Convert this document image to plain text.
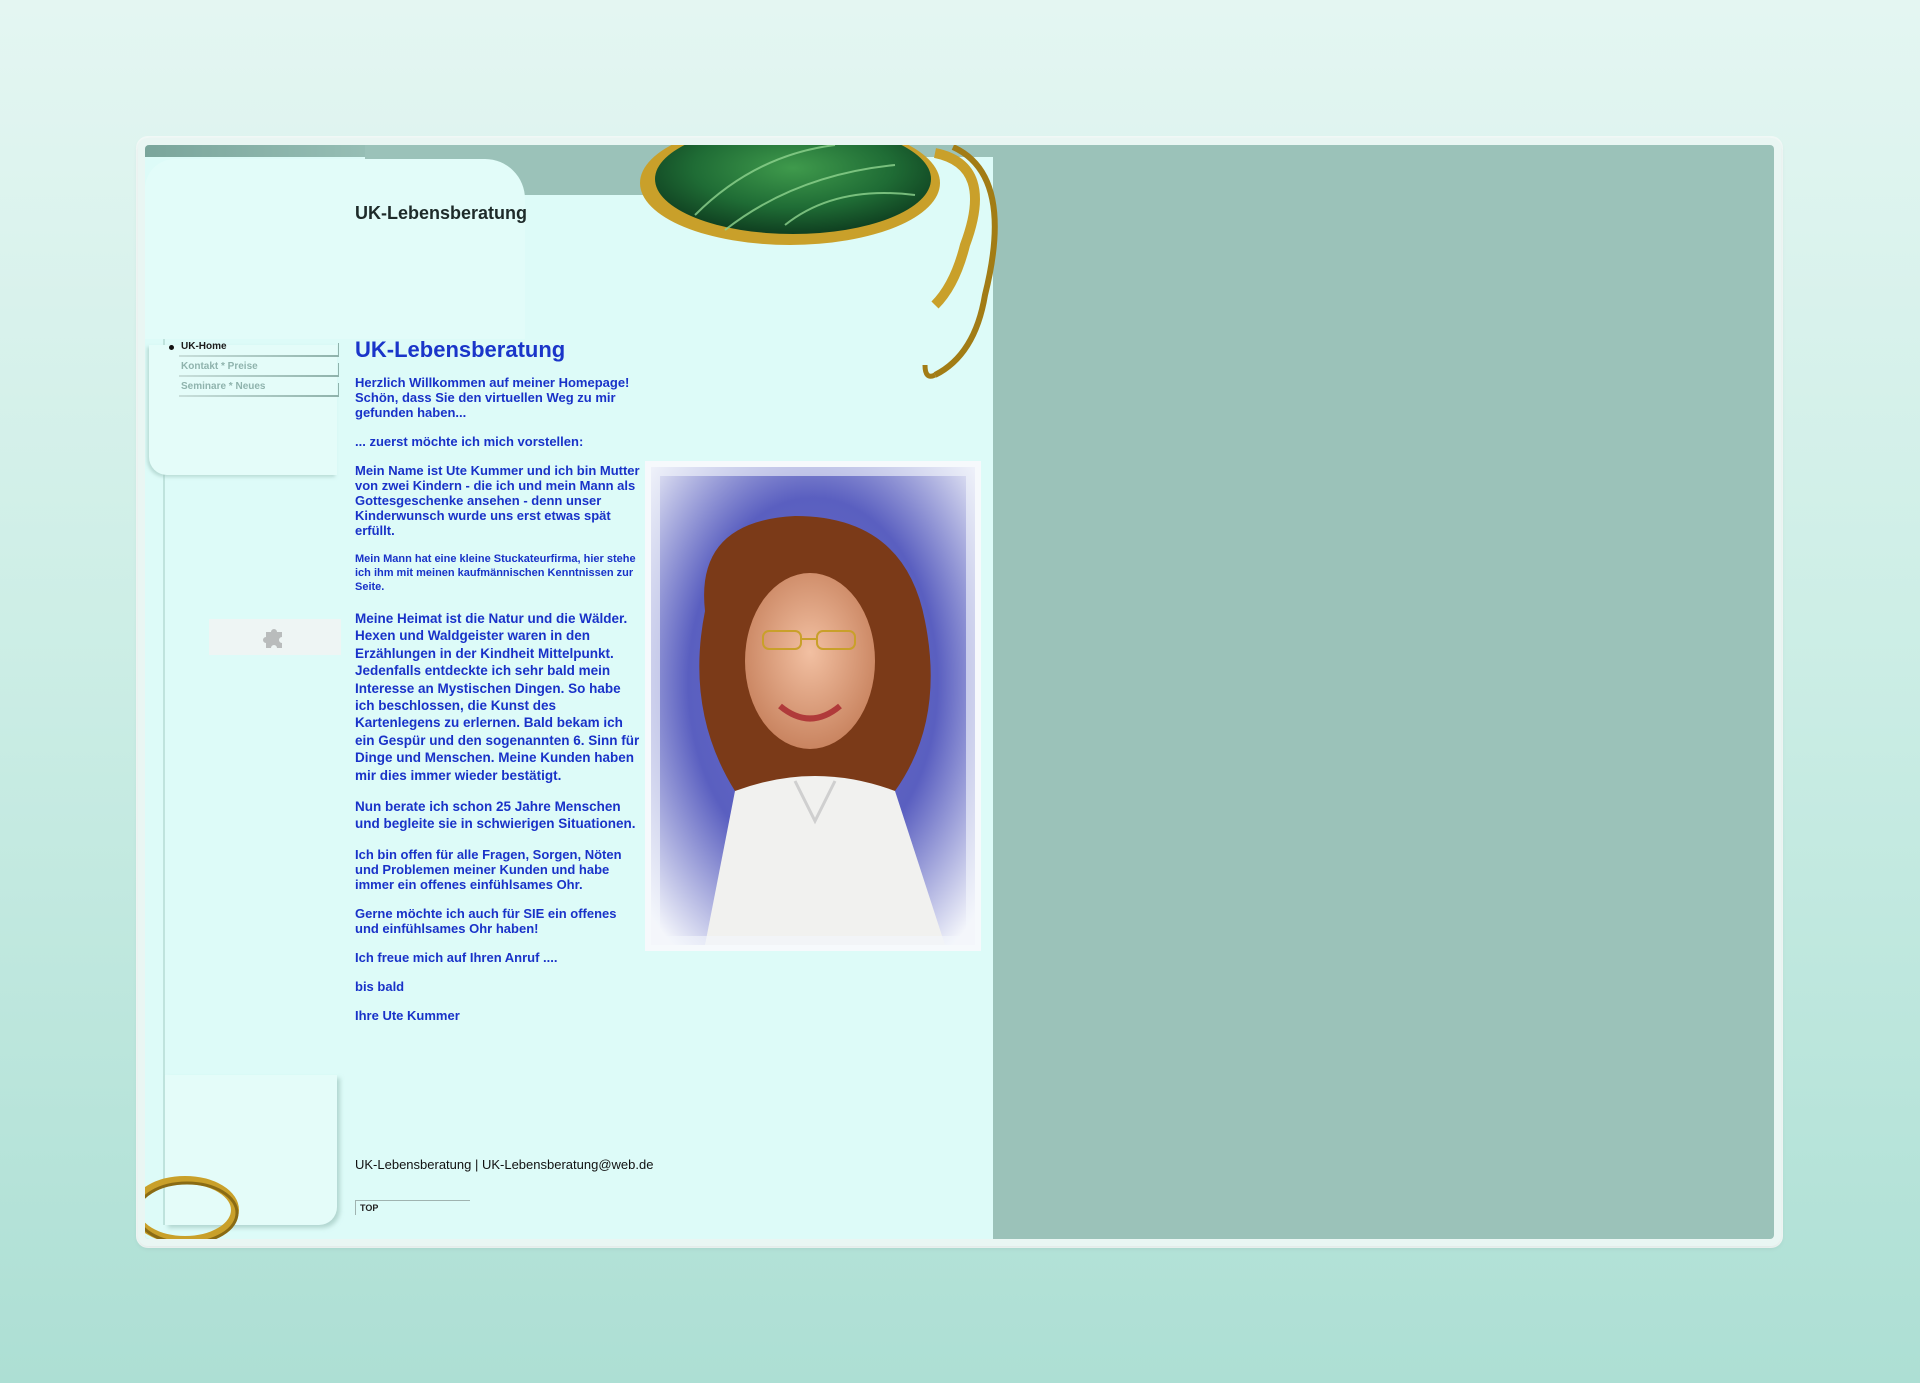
UK-Lebensberatung
UK-Home
Kontakt * Preise
Seminare * Neues
UK-Lebensberatung

Herzlich Willkommen auf meiner Homepage! Schön, dass Sie den virtuellen Weg zu mir gefunden haben...

... zuerst möchte ich mich vorstellen:

Mein Name ist Ute Kummer und ich bin Mutter von zwei Kindern - die ich und mein Mann als Gottesgeschenke ansehen - denn unser Kinderwunsch wurde uns erst etwas spät erfüllt.

Mein Mann hat eine kleine Stuckateurfirma, hier stehe ich ihm mit meinen kaufmännischen Kenntnissen zur Seite.

Meine Heimat ist die Natur und die Wälder. Hexen und Waldgeister waren in den Erzählungen in der Kindheit Mittelpunkt. Jedenfalls entdeckte ich sehr bald mein Interesse an Mystischen Dingen. So habe ich beschlossen, die Kunst des Kartenlegens zu erlernen. Bald bekam ich ein Gespür und den sogenannten 6. Sinn für Dinge und Menschen. Meine Kunden haben mir dies immer wieder bestätigt.

Nun berate ich schon 25 Jahre Menschen und begleite sie in schwierigen Situationen.

Ich bin offen für alle Fragen, Sorgen, Nöten und Problemen meiner Kunden und habe immer ein offenes einfühlsames Ohr.

Gerne möchte ich auch für SIE ein offenes und einfühlsames Ohr haben!

Ich freue mich auf Ihren Anruf ....

bis bald

Ihre Ute Kummer

UK-Lebensberatung | UK-Lebensberatung@web.de
TOP
